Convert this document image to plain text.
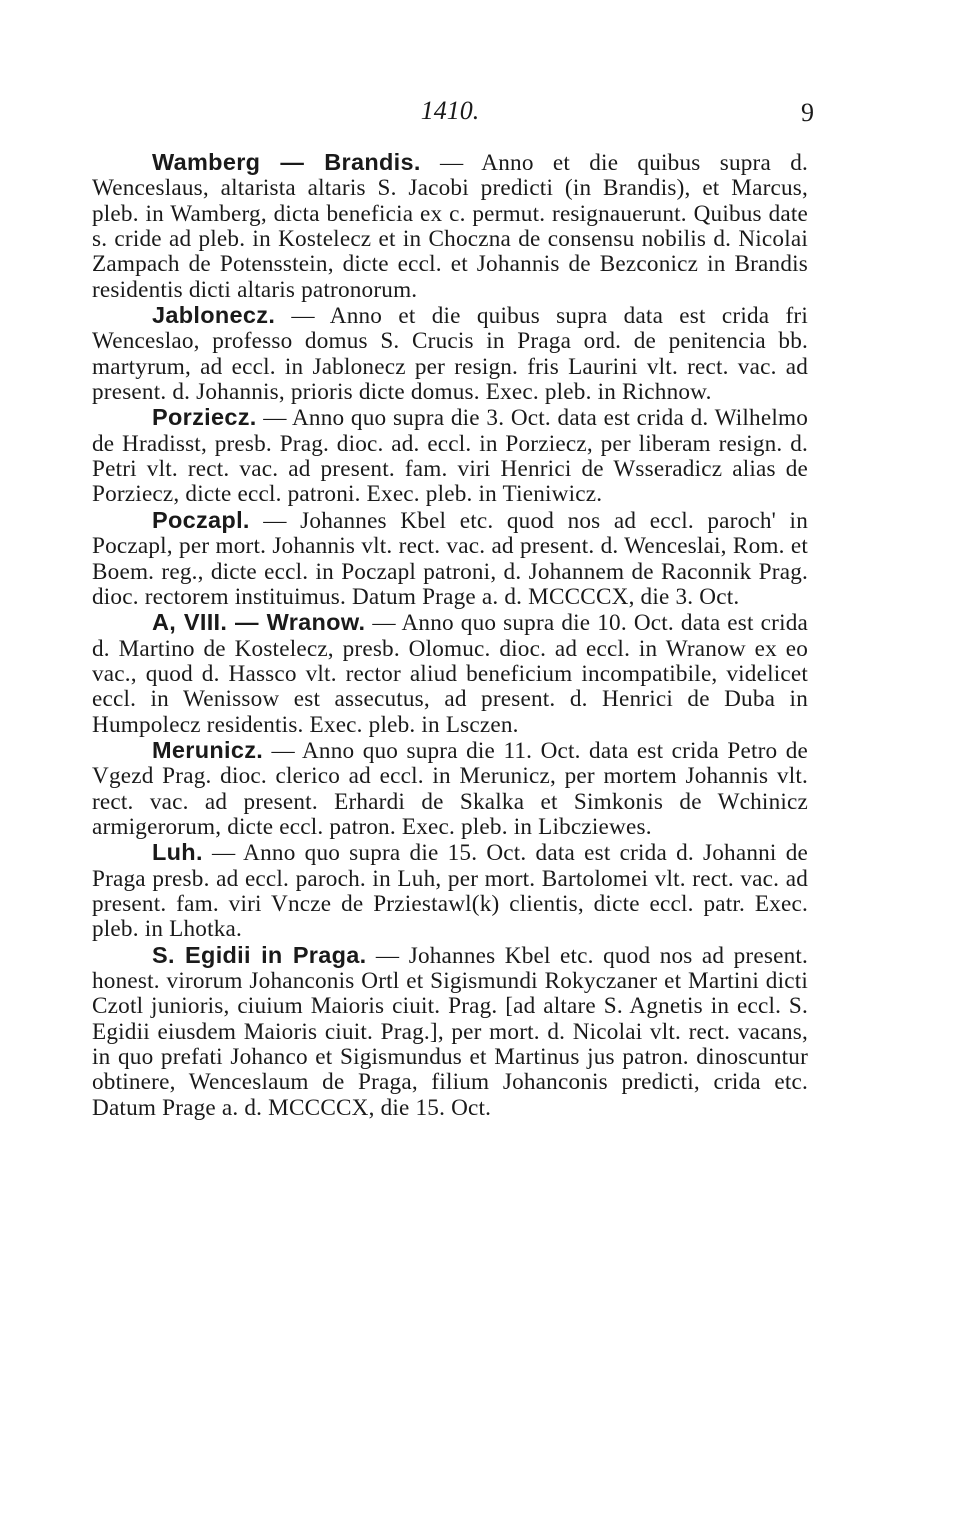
1410.	9

Wamberg — Brandis. — Anno et die quibus supra d. Wenceslaus, altarista altaris S. Jacobi predicti (in Brandis), et Marcus, pleb. in Wamberg, dicta beneficia ex c. permut. resignauerunt. Quibus date s. cride ad pleb. in Kostelecz et in Choczna de consensu nobilis d. Nicolai Zampach de Potensstein, dicte eccl. et Johannis de Bezconicz in Brandis residentis dicti altaris patronorum.

Jablonecz. — Anno et die quibus supra data est crida fri Wenceslao, professo domus S. Crucis in Praga ord. de penitencia bb. martyrum, ad eccl. in Jablonecz per resign. fris Laurini vlt. rect. vac. ad present. d. Johannis, prioris dicte domus. Exec. pleb. in Richnow.

Porziecz. — Anno quo supra die 3. Oct. data est crida d. Wilhelmo de Hradisst, presb. Prag. dioc. ad. eccl. in Porziecz, per liberam resign. d. Petri vlt. rect. vac. ad present. fam. viri Henrici de Wsseradicz alias de Porziecz, dicte eccl. patroni. Exec. pleb. in Tieniwicz.

Poczapl. — Johannes Kbel etc. quod nos ad eccl. paroch' in Poczapl, per mort. Johannis vlt. rect. vac. ad present. d. Wenceslai, Rom. et Boem. reg., dicte eccl. in Poczapl patroni, d. Johannem de Raconnik Prag. dioc. rectorem instituimus. Datum Prage a. d. MCCCCX, die 3. Oct.

A, VIII. — Wranow. — Anno quo supra die 10. Oct. data est crida d. Martino de Kostelecz, presb. Olomuc. dioc. ad eccl. in Wranow ex eo vac., quod d. Hassco vlt. rector aliud beneficium incompatibile, videlicet eccl. in Wenissow est assecutus, ad present. d. Henrici de Duba in Humpolecz residentis. Exec. pleb. in Lsczen.

Merunicz. — Anno quo supra die 11. Oct. data est crida Petro de Vgezd Prag. dioc. clerico ad eccl. in Merunicz, per mortem Johannis vlt. rect. vac. ad present. Erhardi de Skalka et Simkonis de Wchinicz armigerorum, dicte eccl. patron. Exec. pleb. in Libcziewes.

Luh. — Anno quo supra die 15. Oct. data est crida d. Johanni de Praga presb. ad eccl. paroch. in Luh, per mort. Bartolomei vlt. rect. vac. ad present. fam. viri Vncze de Prziestawl(k) clientis, dicte eccl. patr. Exec. pleb. in Lhotka.

S. Egidii in Praga. — Johannes Kbel etc. quod nos ad present. honest. virorum Johanconis Ortl et Sigismundi Rokyczaner et Martini dicti Czotl junioris, ciuium Maioris ciuit. Prag. [ad altare S. Agnetis in eccl. S. Egidii eiusdem Maioris ciuit. Prag.], per mort. d. Nicolai vlt. rect. vacans, in quo prefati Johanco et Sigismundus et Martinus jus patron. dinoscuntur obtinere, Wenceslaum de Praga, filium Johanconis predicti, crida etc. Datum Prage a. d. MCCCCX, die 15. Oct.
